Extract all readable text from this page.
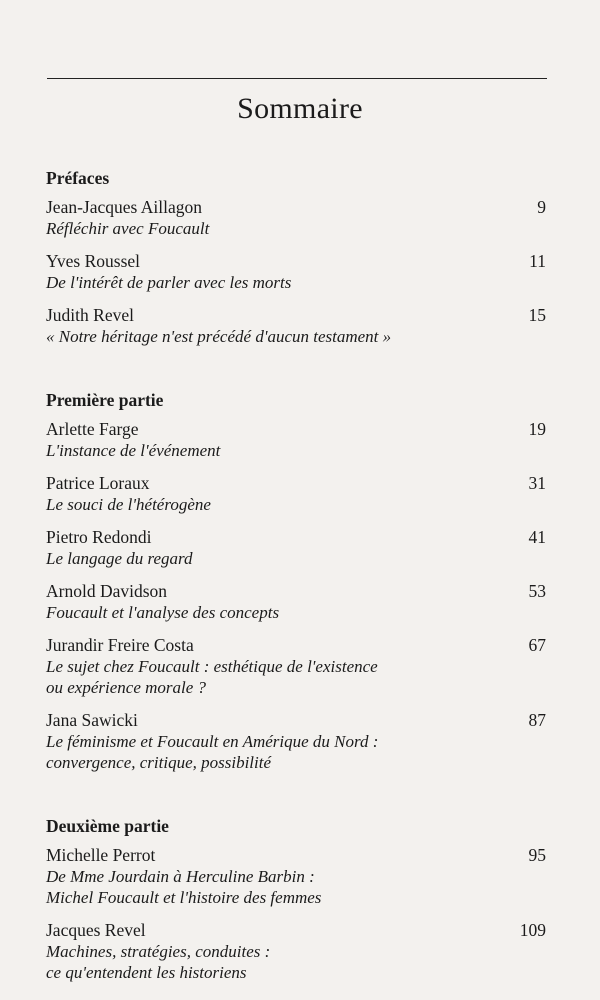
Sommaire
Préfaces
Jean-Jacques Aillagon	9
Réfléchir avec Foucault
Yves Roussel	11
De l'intérêt de parler avec les morts
Judith Revel	15
« Notre héritage n'est précédé d'aucun testament »
Première partie
Arlette Farge	19
L'instance de l'événement
Patrice Loraux	31
Le souci de l'hétérogène
Pietro Redondi	41
Le langage du regard
Arnold Davidson	53
Foucault et l'analyse des concepts
Jurandir Freire Costa	67
Le sujet chez Foucault : esthétique de l'existence
ou expérience morale ?
Jana Sawicki	87
Le féminisme et Foucault en Amérique du Nord :
convergence, critique, possibilité
Deuxième partie
Michelle Perrot	95
De Mme Jourdain à Herculine Barbin :
Michel Foucault et l'histoire des femmes
Jacques Revel	109
Machines, stratégies, conduites :
ce qu'entendent les historiens
